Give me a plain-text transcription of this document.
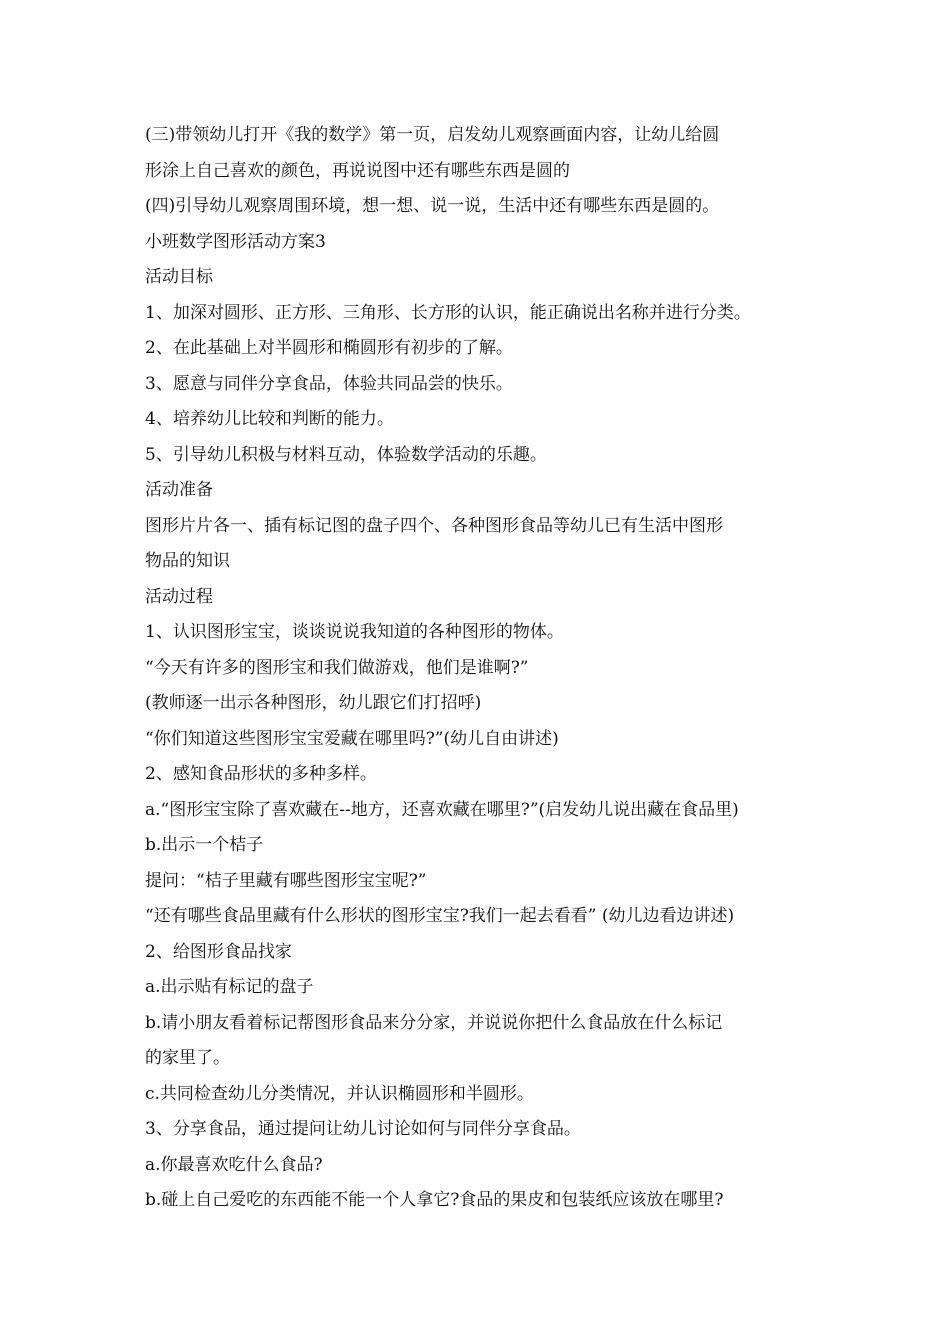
(三)带领幼儿打开《我的数学》第一页，启发幼儿观察画面内容，让幼儿给圆
形涂上自己喜欢的颜色，再说说图中还有哪些东西是圆的
(四)引导幼儿观察周围环境，想一想、说一说，生活中还有哪些东西是圆的。
小班数学图形活动方案3
活动目标
1、加深对圆形、正方形、三角形、长方形的认识，能正确说出名称并进行分类。
2、在此基础上对半圆形和椭圆形有初步的了解。
3、愿意与同伴分享食品，体验共同品尝的快乐。
4、培养幼儿比较和判断的能力。
5、引导幼儿积极与材料互动，体验数学活动的乐趣。
活动准备
图形片片各一、插有标记图的盘子四个、各种图形食品等幼儿已有生活中图形
物品的知识
活动过程
1、认识图形宝宝，谈谈说说我知道的各种图形的物体。
“今天有许多的图形宝和我们做游戏，他们是谁啊?”
(教师逐一出示各种图形，幼儿跟它们打招呼)
“你们知道这些图形宝宝爱藏在哪里吗?”(幼儿自由讲述)
2、感知食品形状的多种多样。
a.“图形宝宝除了喜欢藏在--地方，还喜欢藏在哪里?”(启发幼儿说出藏在食品里)
b.出示一个桔子
提问：“桔子里藏有哪些图形宝宝呢?”
“还有哪些食品里藏有什么形状的图形宝宝?我们一起去看看” (幼儿边看边讲述)
2、给图形食品找家
a.出示贴有标记的盘子
b.请小朋友看着标记帮图形食品来分分家，并说说你把什么食品放在什么标记
的家里了。
c.共同检查幼儿分类情况，并认识椭圆形和半圆形。
3、分享食品，通过提问让幼儿讨论如何与同伴分享食品。
a.你最喜欢吃什么食品?
b.碰上自己爱吃的东西能不能一个人拿它?食品的果皮和包装纸应该放在哪里?
